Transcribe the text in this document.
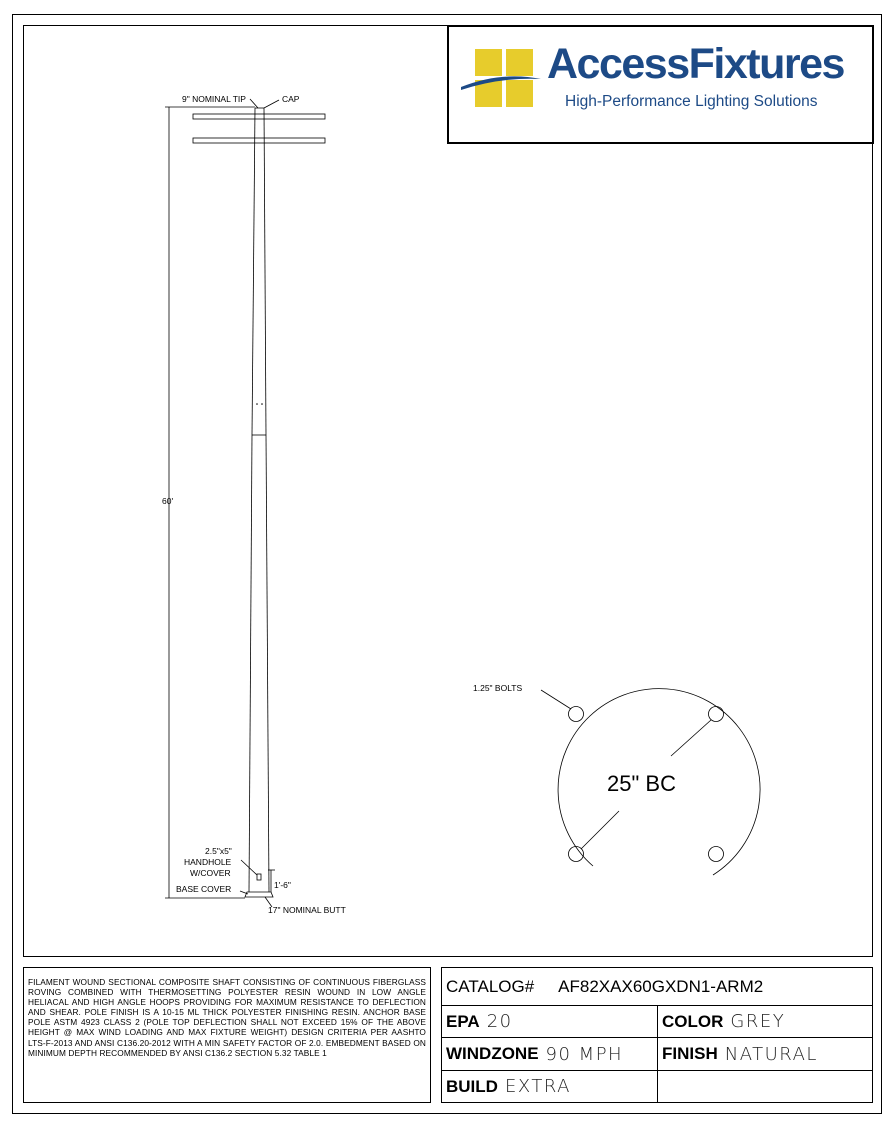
AccessFixtures
High-Performance Lighting Solutions
9" NOMINAL TIP	CAP
60'
2.5"x5"
HANDHOLE
W/COVER
1'-6"
BASE COVER
17" NOMINAL BUTT
1.25" BOLTS
25" BC
FILAMENT WOUND SECTIONAL COMPOSITE SHAFT CONSISTING OF CONTINUOUS FIBERGLASS ROVING COMBINED WITH THERMOSETTING POLYESTER RESIN WOUND IN LOW ANGLE HELIACAL AND HIGH ANGLE HOOPS PROVIDING FOR MAXIMUM RESISTANCE TO DEFLECTION AND SHEAR. POLE FINISH IS A 10-15 ML THICK POLYESTER FINISHING RESIN. ANCHOR BASE POLE ASTM 4923 CLASS 2 (POLE TOP DEFLECTION SHALL NOT EXCEED 15% OF THE ABOVE HEIGHT @ MAX WIND LOADING AND MAX FIXTURE WEIGHT) DESIGN CRITERIA PER AASHTO LTS-F-2013 AND ANSI C136.20-2012 WITH A MIN SAFETY FACTOR OF 2.0. EMBEDMENT BASED ON MINIMUM DEPTH RECOMMENDED BY ANSI C136.2 SECTION 5.32 TABLE 1
CATALOG# AF82XAX60GXDN1-ARM2
EPA 20	COLOR GREY
WINDZONE 90 MPH FINISH NATURAL
BUILD EXTRA
